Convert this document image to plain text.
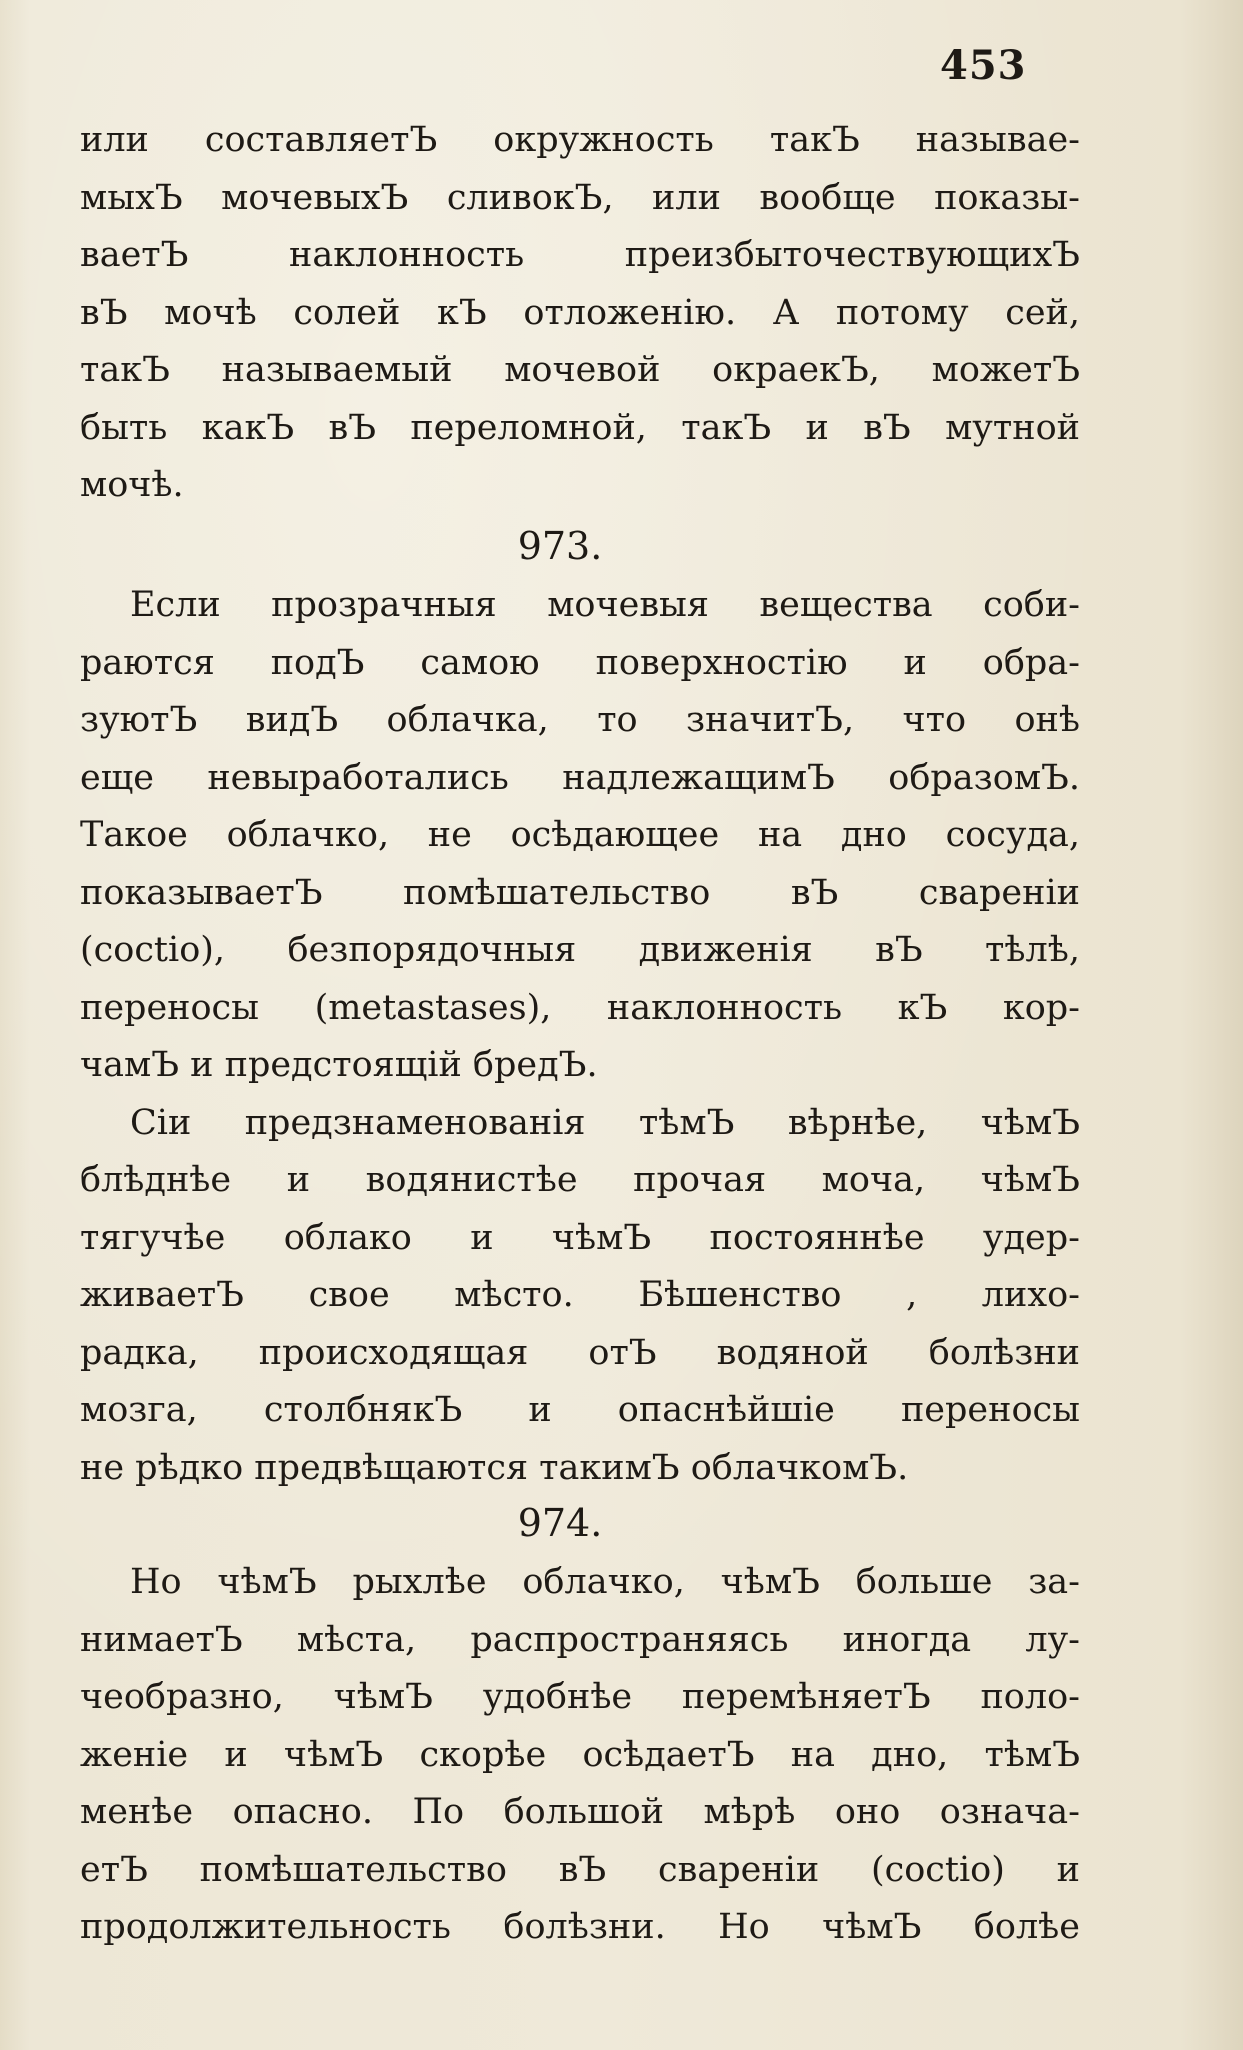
453
или составляетЪ окружность такЪ называе-
мыхЪ мочевыхЪ сливокЪ, или вообще показы-
ваетЪ наклонность преизбыточествующихЪ
вЪ мочѣ солей кЪ отложенiю. А потому сей,
такЪ называемый мочевой окраекЪ, можетЪ
быть какЪ вЪ переломной, такЪ и вЪ мутной
мочѣ.
973.
Если прозрачныя мочевыя вещества соби-
раются подЪ самою поверхностiю и обра-
зуютЪ видЪ облачка, то значитЪ, что онѣ
еще невыработались надлежащимЪ образомЪ.
Такое облачко, не осѣдающее на дно сосуда,
показываетЪ помѣшательство вЪ сваренiи
(coctio), безпорядочныя движенiя вЪ тѣлѣ,
переносы (metastases), наклонность кЪ кор-
чамЪ и предстоящiй бредЪ.
Сiи предзнаменованiя тѣмЪ вѣрнѣе, чѣмЪ
блѣднѣе и водянистѣе прочая моча, чѣмЪ
тягучѣе облако и чѣмЪ постояннѣе удер-
живаетЪ свое мѣсто. Бѣшенство , лихо-
радка, происходящая отЪ водяной болѣзни
мозга, столбнякЪ и опаснѣйшiе переносы
не рѣдко предвѣщаются такимЪ облачкомЪ.
974.
Но чѣмЪ рыхлѣе облачко, чѣмЪ больше за-
нимаетЪ мѣста, распространяясь иногда лу-
чеобразно, чѣмЪ удобнѣе перемѣняетЪ поло-
женiе и чѣмЪ скорѣе осѣдаетЪ на дно, тѣмЪ
менѣе опасно. По большой мѣрѣ оно означа-
етЪ помѣшательство вЪ сваренiи (coctio) и
продолжительность болѣзни. Но чѣмЪ болѣе
